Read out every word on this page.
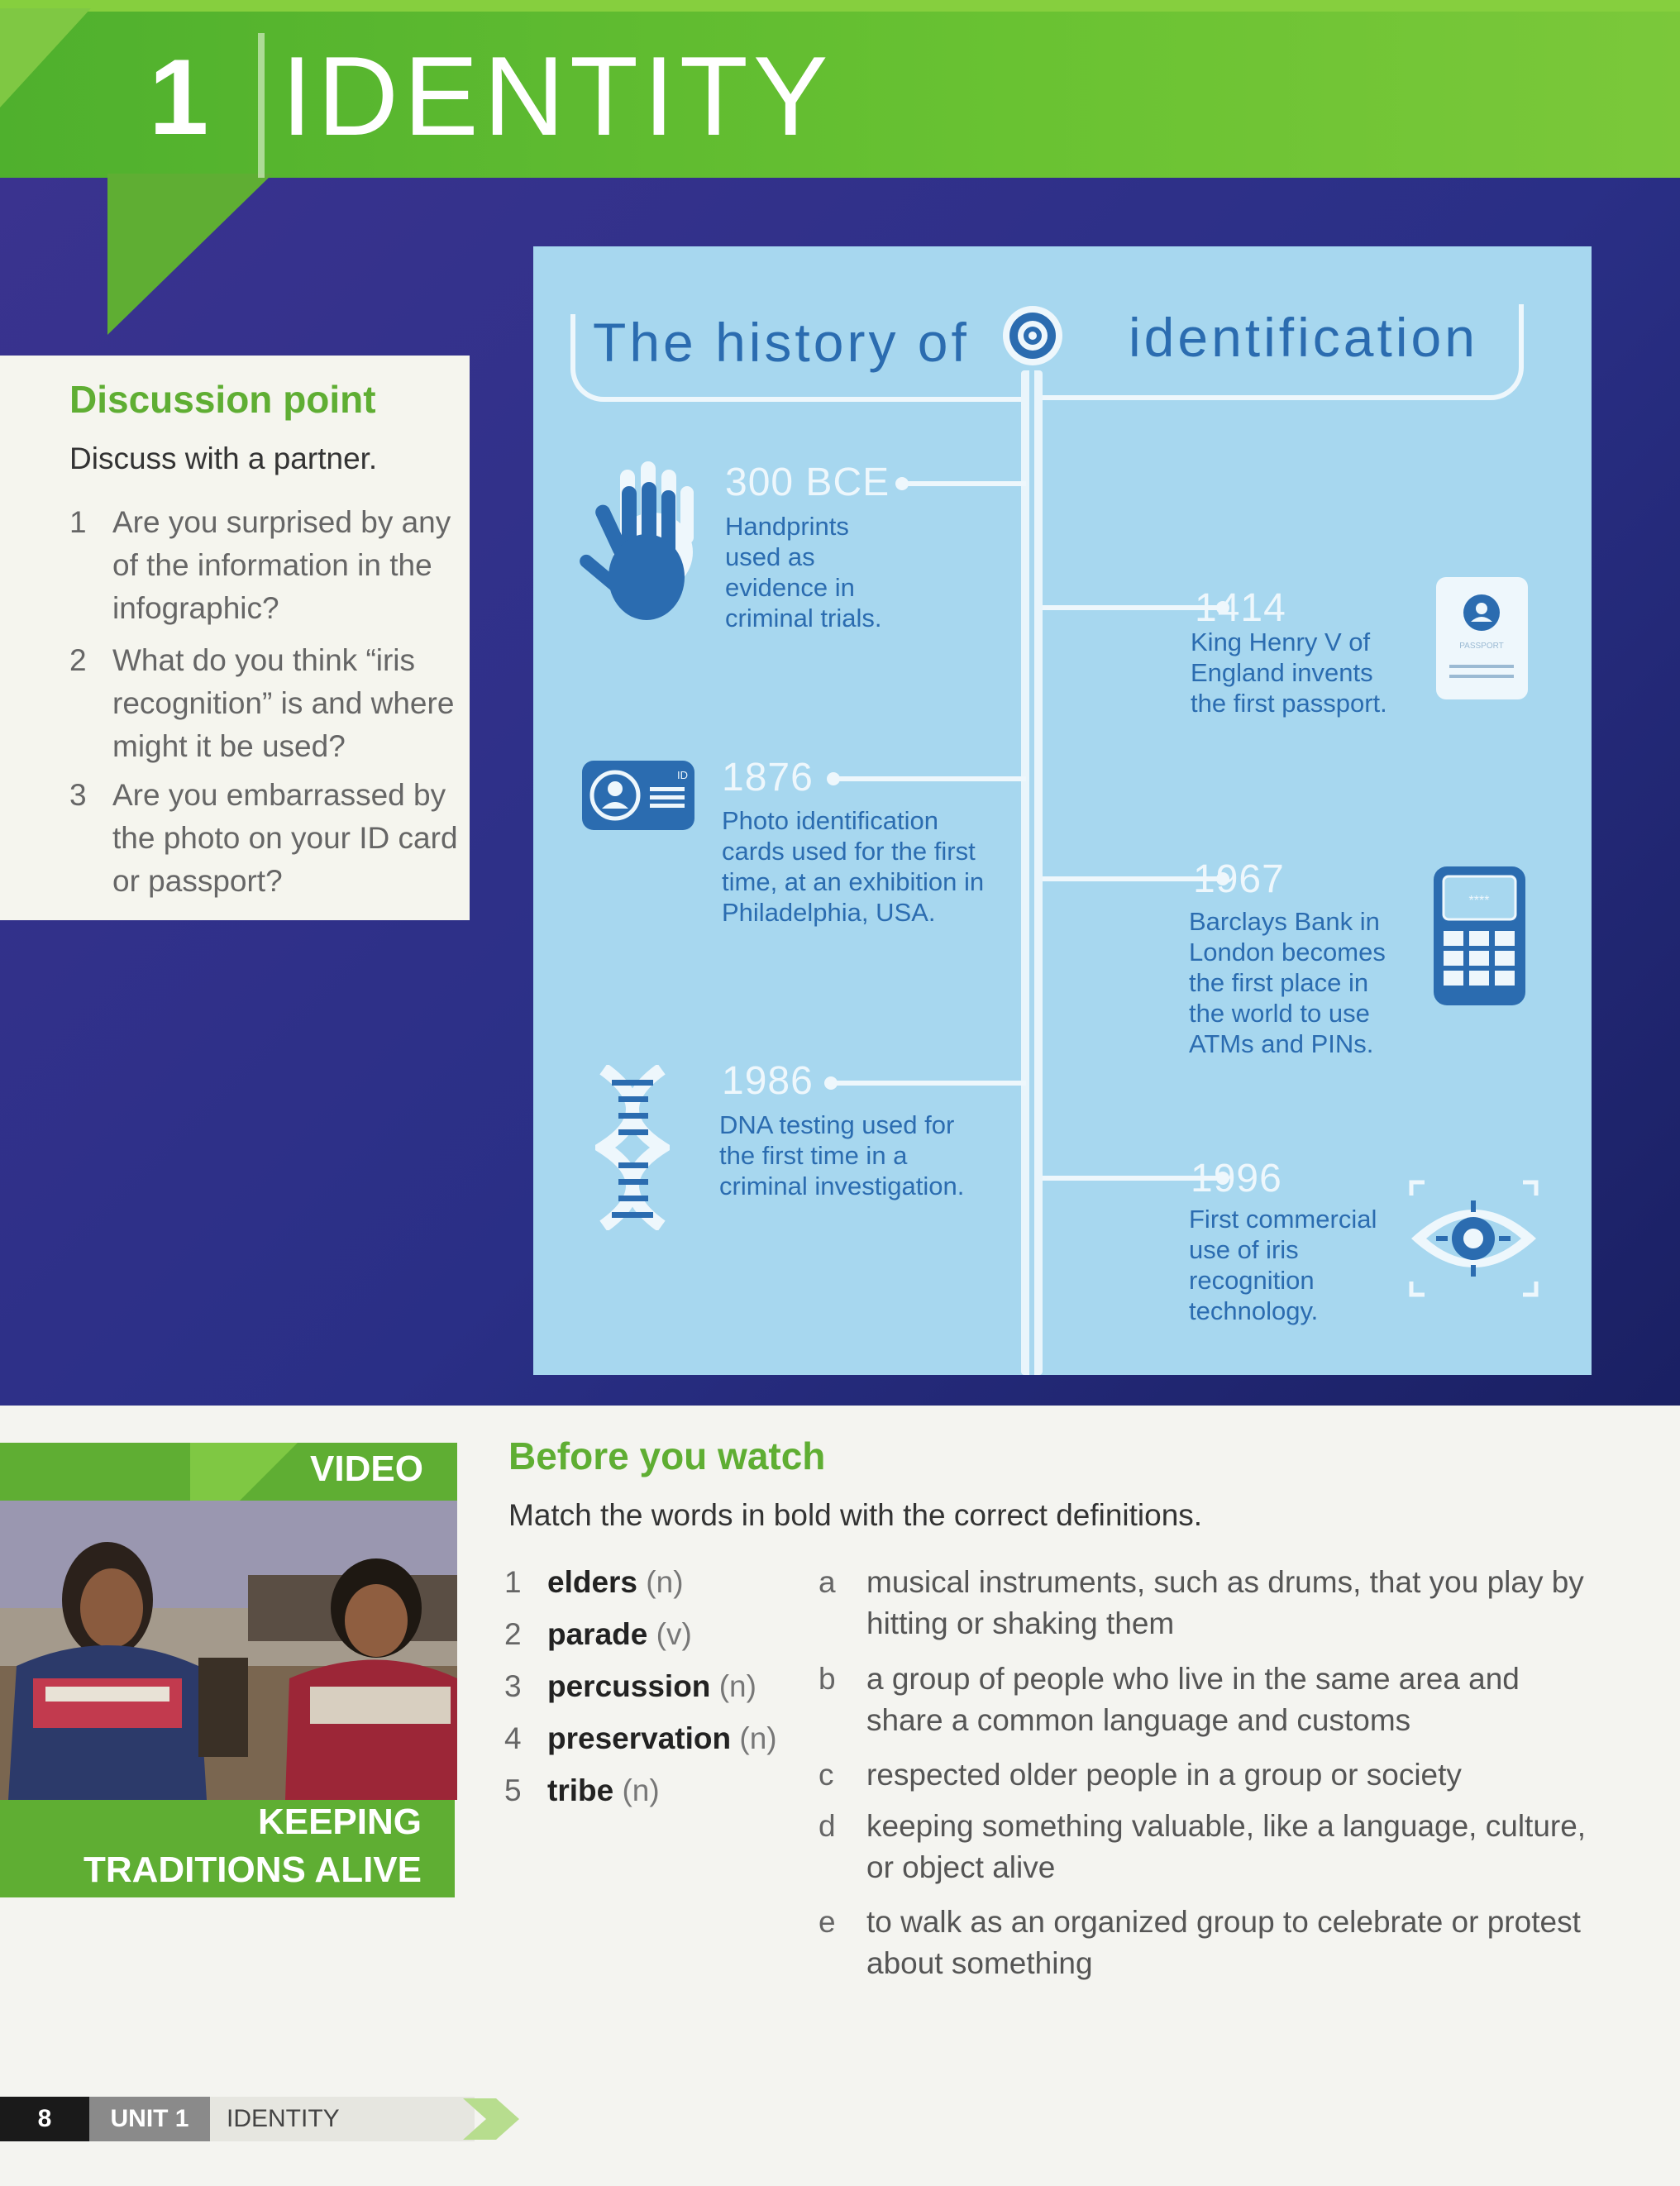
1 IDENTITY
Discussion point
Discuss with a partner.
1 Are you surprised by any of the information in the infographic?
2 What do you think “iris recognition” is and where might it be used?
3 Are you embarrassed by the photo on your ID card or passport?
The history of	identification
300 BCE
Handprints used as evidence in criminal trials.	1414
King Henry V of England invents the first passport.
PASSPORT
ID 1876
Photo identification cards used for the first time, at an exhibition in Philadelphia, USA.
1967
Barclays Bank in London becomes the first place in the world to use ATMs and PINs.
****
1986
DNA testing used for the first time in a criminal investigation.	1996
First commercial use of iris recognition technology.
VIDEO
KEEPING
TRADITIONS ALIVE
Before you watch
Match the words in bold with the correct definitions.
1 elders (n)
2 parade (v)
3 percussion (n)
4 preservation (n)
5 tribe (n)
a	musical instruments, such as drums, that you play by hitting or shaking them
b	a group of people who live in the same area and share a common language and customs
c	respected older people in a group or society
d	keeping something valuable, like a language, culture, or object alive
e	to walk as an organized group to celebrate or protest about something
8	UNIT 1	IDENTITY
